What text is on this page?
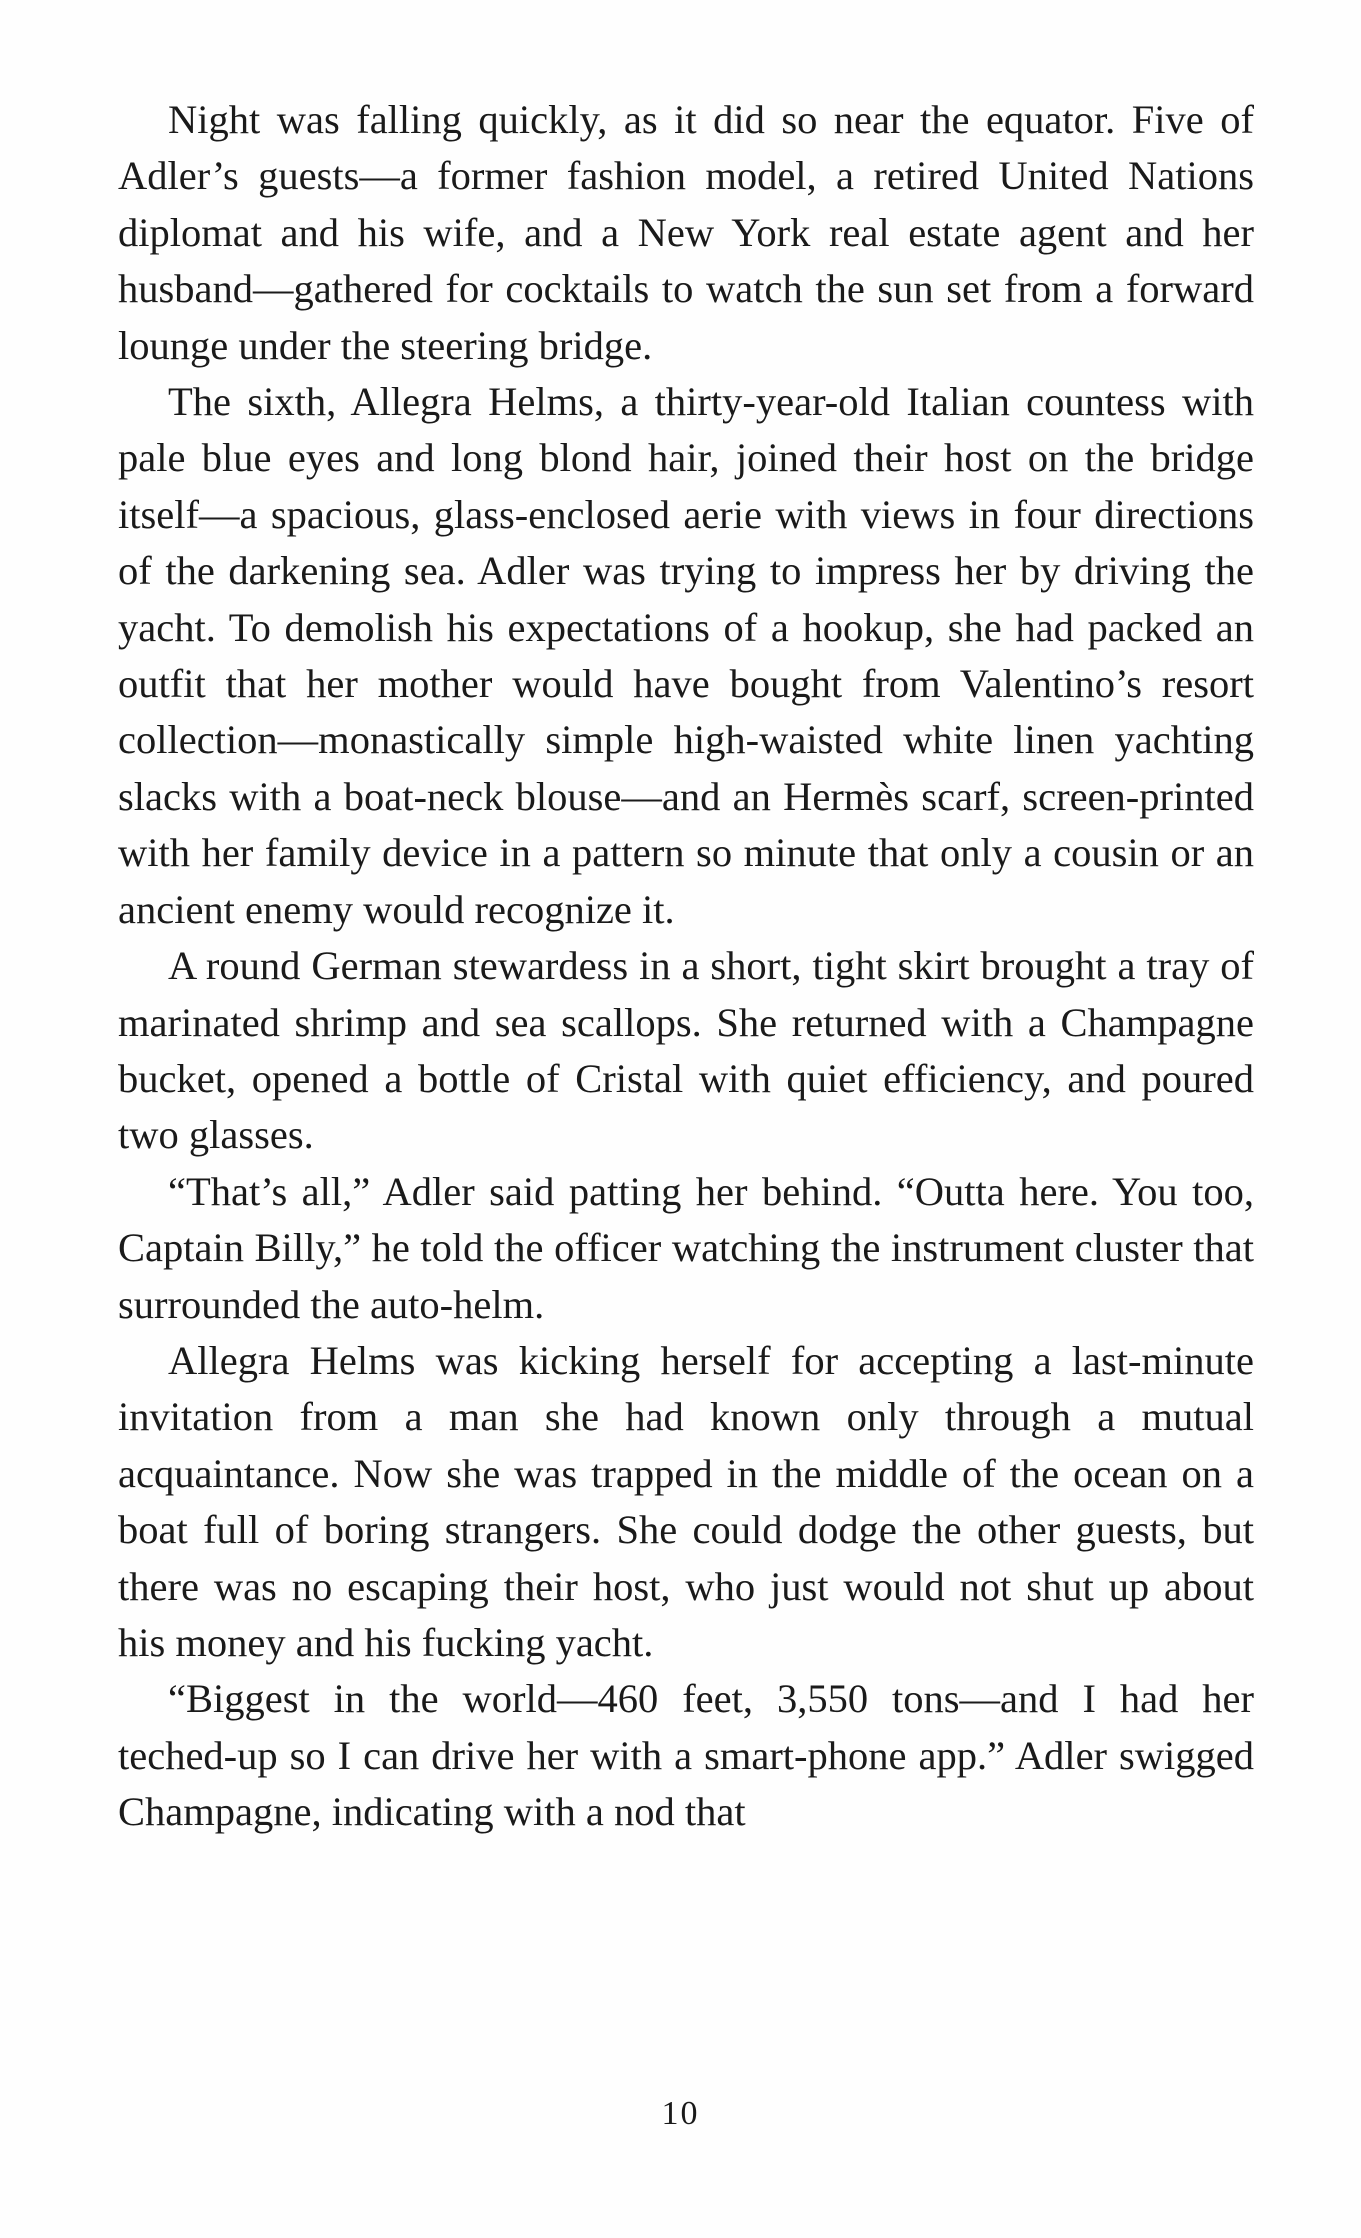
Night was falling quickly, as it did so near the equator. Five of Adler’s guests—a former fashion model, a retired United Nations diplomat and his wife, and a New York real estate agent and her husband—gathered for cocktails to watch the sun set from a forward lounge under the steering bridge.

The sixth, Allegra Helms, a thirty-year-old Italian countess with pale blue eyes and long blond hair, joined their host on the bridge itself—a spacious, glass-enclosed aerie with views in four directions of the darkening sea. Adler was trying to impress her by driving the yacht. To demolish his expectations of a hookup, she had packed an outfit that her mother would have bought from Valentino’s resort collection—monastically simple high-waisted white linen yachting slacks with a boat-neck blouse—and an Hermès scarf, screen-printed with her family device in a pattern so minute that only a cousin or an ancient enemy would recognize it.

A round German stewardess in a short, tight skirt brought a tray of marinated shrimp and sea scallops. She returned with a Champagne bucket, opened a bottle of Cristal with quiet efficiency, and poured two glasses.

“That’s all,” Adler said patting her behind. “Outta here. You too, Captain Billy,” he told the officer watching the instrument cluster that surrounded the auto-helm.

Allegra Helms was kicking herself for accepting a last-minute invitation from a man she had known only through a mutual acquaintance. Now she was trapped in the middle of the ocean on a boat full of boring strangers. She could dodge the other guests, but there was no escaping their host, who just would not shut up about his money and his fucking yacht.

“Biggest in the world—460 feet, 3,550 tons—and I had her teched-up so I can drive her with a smart-phone app.” Adler swigged Champagne, indicating with a nod that

10
